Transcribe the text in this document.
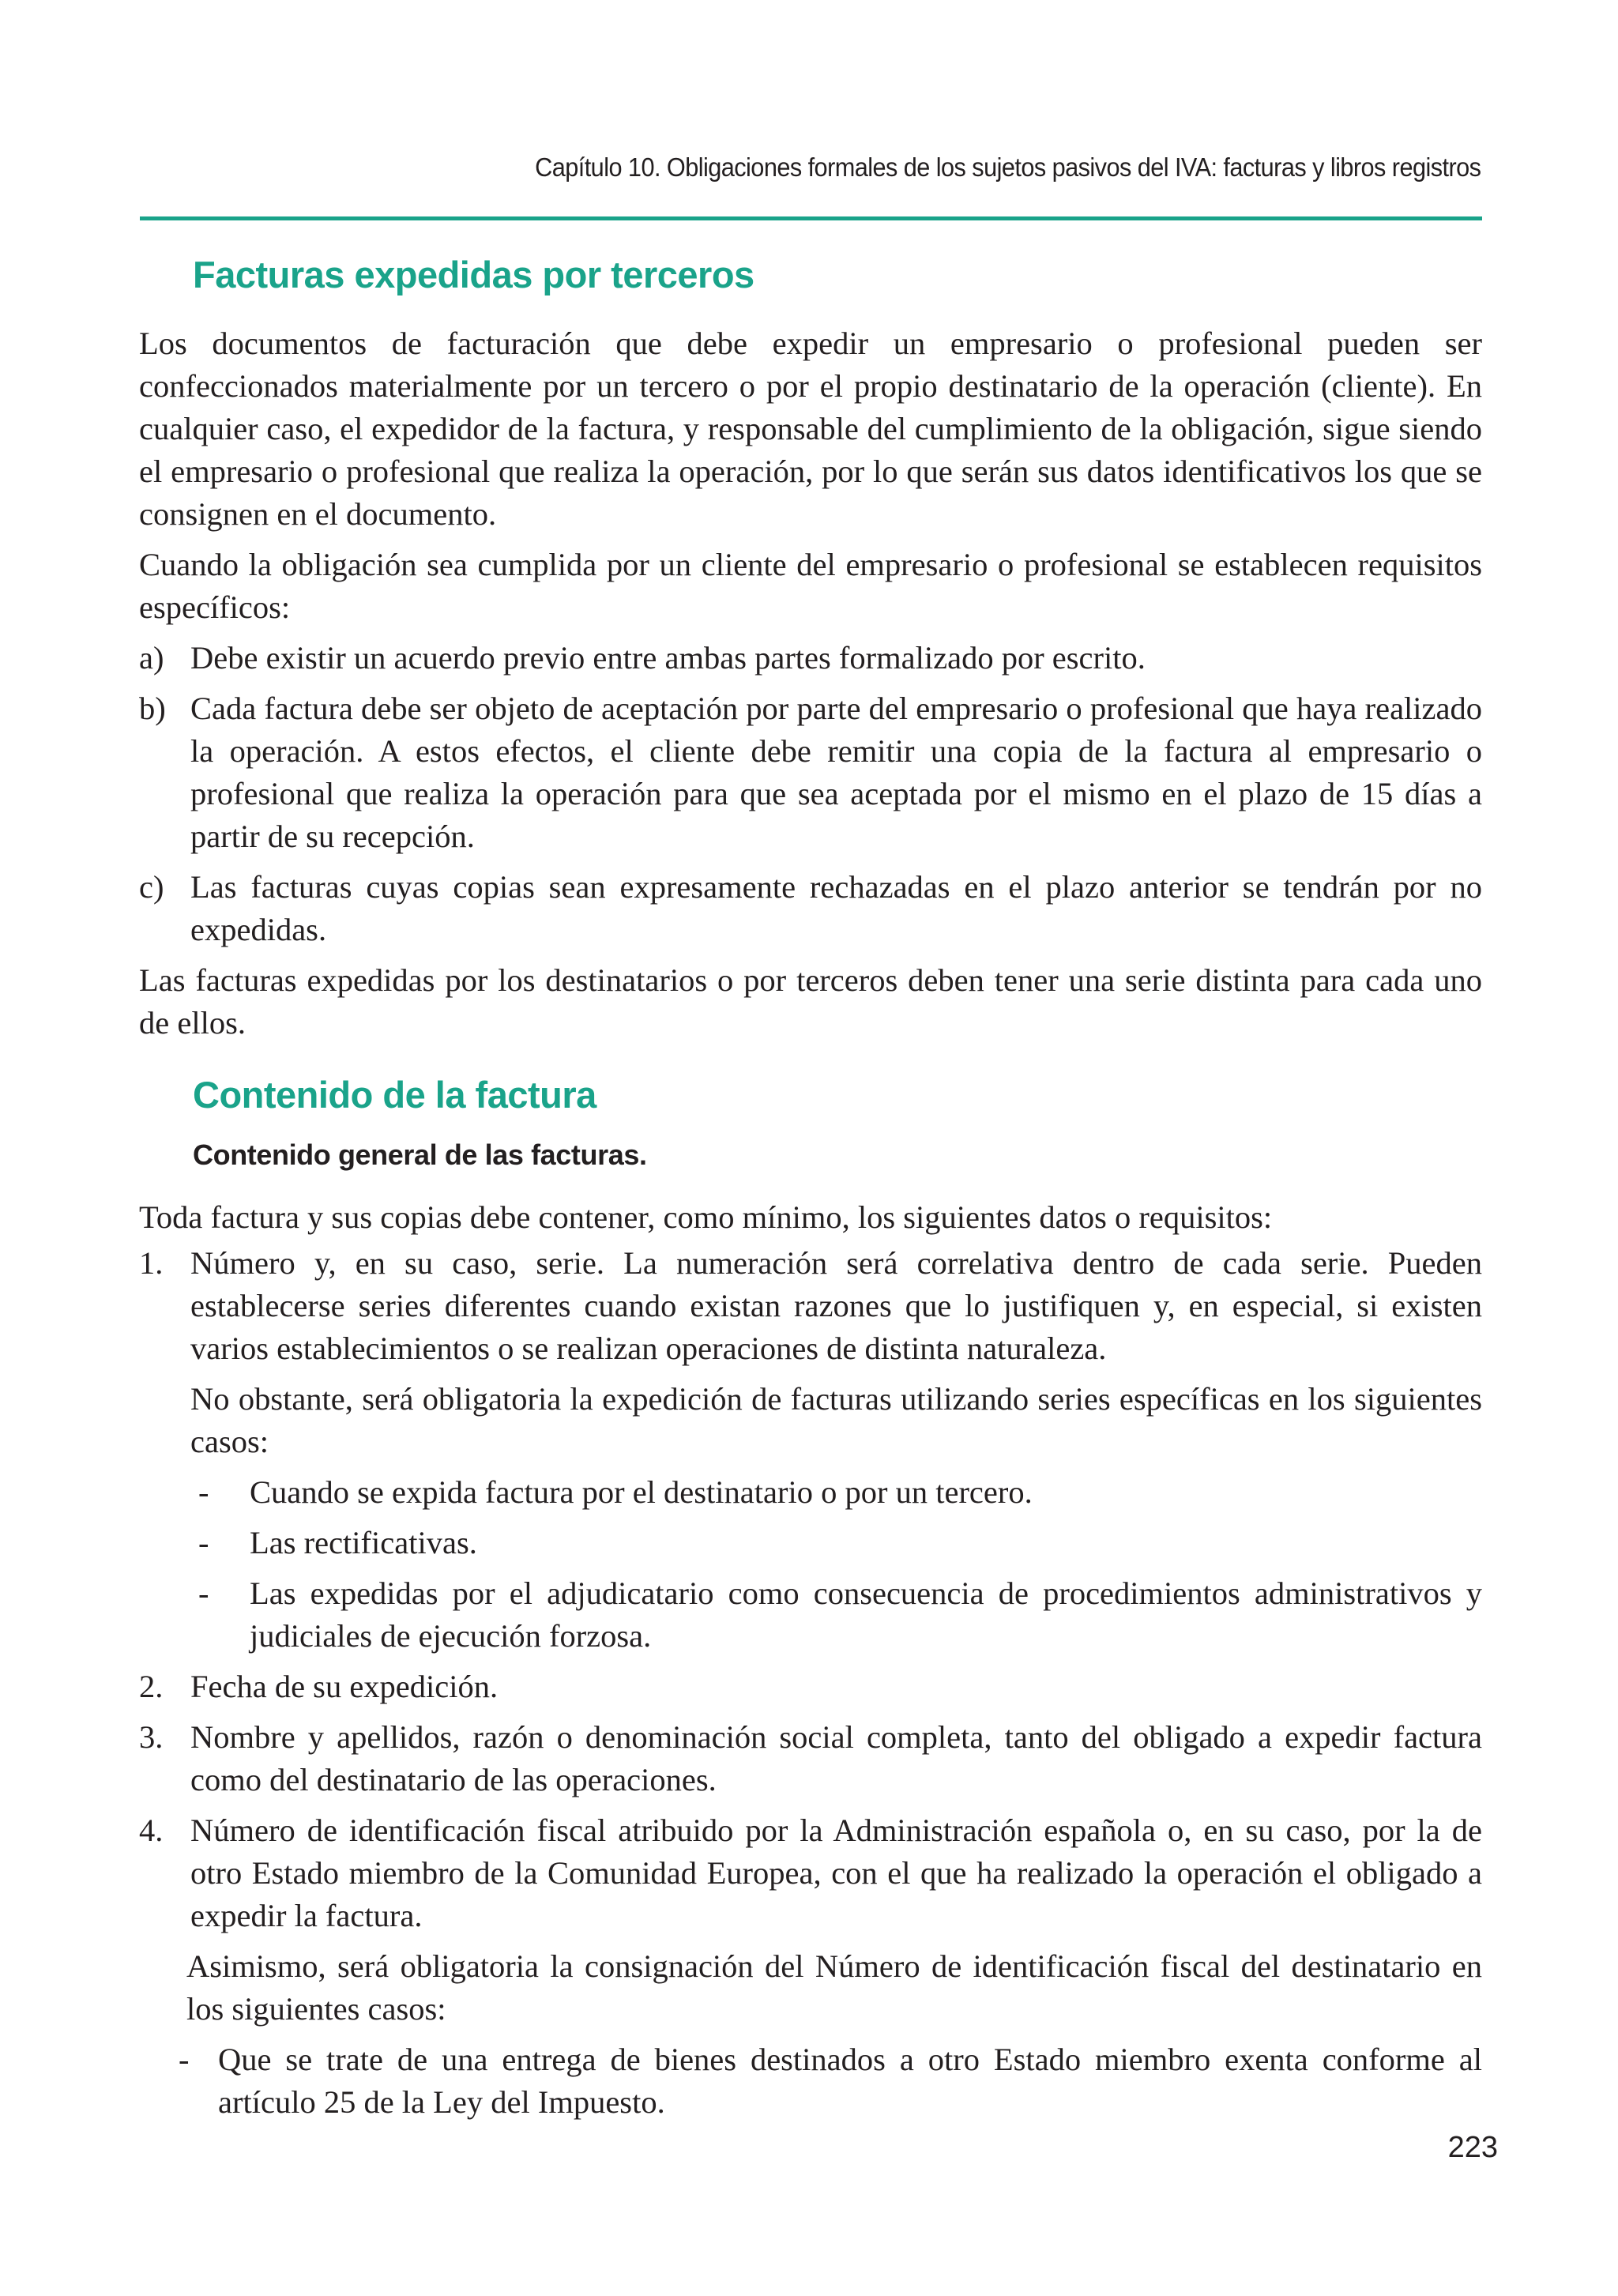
Capítulo 10. Obligaciones formales de los sujetos pasivos del IVA: facturas y libros registros
Facturas expedidas por terceros

Los documentos de facturación que debe expedir un empresario o profesional pueden ser confeccionados materialmente por un tercero o por el propio destinatario de la operación (cliente). En cualquier caso, el expedidor de la factura, y responsable del cumplimiento de la obligación, sigue siendo el empresario o profesional que realiza la operación, por lo que serán sus datos identificativos los que se consignen en el documento.

Cuando la obligación sea cumplida por un cliente del empresario o profesional se establecen requisitos específicos:

a) Debe existir un acuerdo previo entre ambas partes formalizado por escrito.
b) Cada factura debe ser objeto de aceptación por parte del empresario o profesional que haya realizado la operación. A estos efectos, el cliente debe remitir una copia de la factura al empresario o profesional que realiza la operación para que sea aceptada por el mismo en el plazo de 15 días a partir de su recepción.
c) Las facturas cuyas copias sean expresamente rechazadas en el plazo anterior se tendrán por no expedidas.

Las facturas expedidas por los destinatarios o por terceros deben tener una serie distinta para cada uno de ellos.

Contenido de la factura
Contenido general de las facturas.

Toda factura y sus copias debe contener, como mínimo, los siguientes datos o requisitos:

1. Número y, en su caso, serie. La numeración será correlativa dentro de cada serie. Pueden establecerse series diferentes cuando existan razones que lo justifiquen y, en especial, si existen varios establecimientos o se realizan operaciones de distinta naturaleza.

No obstante, será obligatoria la expedición de facturas utilizando series específicas en los siguientes casos:

- Cuando se expida factura por el destinatario o por un tercero.
- Las rectificativas.
- Las expedidas por el adjudicatario como consecuencia de procedimientos administrativos y judiciales de ejecución forzosa.
2. Fecha de su expedición.
3. Nombre y apellidos, razón o denominación social completa, tanto del obligado a expedir factura como del destinatario de las operaciones.
4. Número de identificación fiscal atribuido por la Administración española o, en su caso, por la de otro Estado miembro de la Comunidad Europea, con el que ha realizado la operación el obligado a expedir la factura.

Asimismo, será obligatoria la consignación del Número de identificación fiscal del destinatario en los siguientes casos:

- Que se trate de una entrega de bienes destinados a otro Estado miembro exenta conforme al artículo 25 de la Ley del Impuesto.
223
